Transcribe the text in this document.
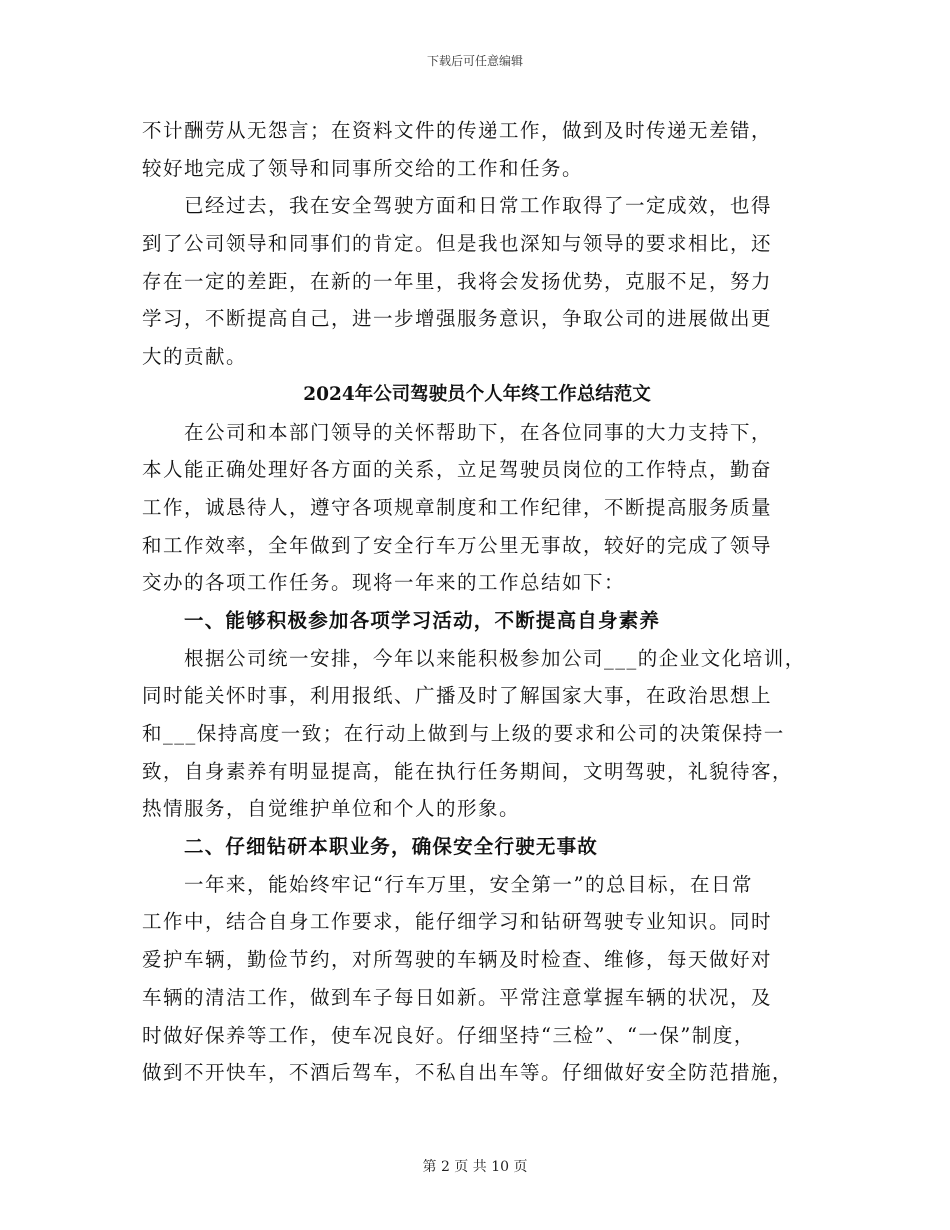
下载后可任意编辑
不计酬劳从无怨言；在资料文件的传递工作，做到及时传递无差错，
较好地完成了领导和同事所交给的工作和任务。
已经过去，我在安全驾驶方面和日常工作取得了一定成效，也得
到了公司领导和同事们的肯定。但是我也深知与领导的要求相比，还
存在一定的差距，在新的一年里，我将会发扬优势，克服不足，努力
学习，不断提高自己，进一步增强服务意识，争取公司的进展做出更
大的贡献。
2024年公司驾驶员个人年终工作总结范文
在公司和本部门领导的关怀帮助下，在各位同事的大力支持下，
本人能正确处理好各方面的关系，立足驾驶员岗位的工作特点，勤奋
工作，诚恳待人，遵守各项规章制度和工作纪律，不断提高服务质量
和工作效率，全年做到了安全行车万公里无事故，较好的完成了领导
交办的各项工作任务。现将一年来的工作总结如下：
一、能够积极参加各项学习活动，不断提高自身素养
根据公司统一安排，今年以来能积极参加公司___的企业文化培训，
同时能关怀时事，利用报纸、广播及时了解国家大事，在政治思想上
和___保持高度一致；在行动上做到与上级的要求和公司的决策保持一
致，自身素养有明显提高，能在执行任务期间，文明驾驶，礼貌待客，
热情服务，自觉维护单位和个人的形象。
二、仔细钻研本职业务，确保安全行驶无事故
一年来，能始终牢记“行车万里，安全第一”的总目标，在日常
工作中，结合自身工作要求，能仔细学习和钻研驾驶专业知识。同时
爱护车辆，勤俭节约，对所驾驶的车辆及时检查、维修，每天做好对
车辆的清洁工作，做到车子每日如新。平常注意掌握车辆的状况，及
时做好保养等工作，使车况良好。仔细坚持“三检”、“一保”制度，
做到不开快车，不酒后驾车，不私自出车等。仔细做好安全防范措施，
第 2 页 共 10 页
